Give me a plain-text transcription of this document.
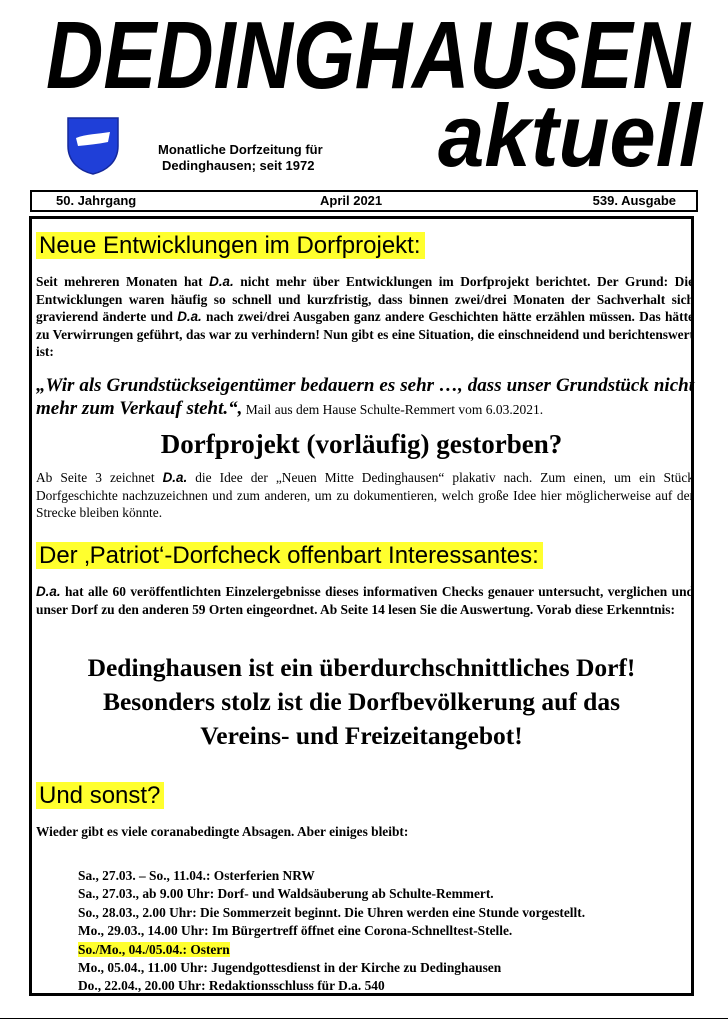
DEDINGHAUSEN
aktuell
Monatliche Dorfzeitung für
Dedinghausen; seit 1972
50. Jahrgang	April 2021	539. Ausgabe
Neue Entwicklungen im Dorfprojekt:

Seit mehreren Monaten hat D.a. nicht mehr über Entwicklungen im Dorfprojekt berichtet. Der Grund: Die Entwicklungen waren häufig so schnell und kurzfristig, dass binnen zwei/drei Monaten der Sachverhalt sich gravierend änderte und D.a. nach zwei/drei Ausgaben ganz andere Geschichten hätte erzählen müssen. Das hätte zu Verwirrungen geführt, das war zu verhindern! Nun gibt es eine Situation, die einschneidend und berichtenswert ist:

„Wir als Grundstückseigentümer bedauern es sehr …, dass unser Grundstück nicht mehr zum Verkauf steht.“, Mail aus dem Hause Schulte-Remmert vom 6.03.2021.

Dorfprojekt (vorläufig) gestorben?

Ab Seite 3 zeichnet D.a. die Idee der „Neuen Mitte Dedinghausen“ plakativ nach. Zum einen, um ein Stück Dorfgeschichte nachzuzeichnen und zum anderen, um zu dokumentieren, welch große Idee hier möglicherweise auf der Strecke bleiben könnte.

Der ‚Patriot‘-Dorfcheck offenbart Interessantes:

D.a. hat alle 60 veröffentlichten Einzelergebnisse dieses informativen Checks genauer untersucht, verglichen und unser Dorf zu den anderen 59 Orten eingeordnet. Ab Seite 14 lesen Sie die Auswertung. Vorab diese Erkenntnis:

Dedinghausen ist ein überdurchschnittliches Dorf!
Besonders stolz ist die Dorfbevölkerung auf das
Vereins- und Freizeitangebot!
Und sonst?

Wieder gibt es viele coranabedingte Absagen. Aber einiges bleibt:

Sa., 27.03. – So., 11.04.: Osterferien NRW
Sa., 27.03., ab 9.00 Uhr: Dorf- und Waldsäuberung ab Schulte-Remmert.
So., 28.03., 2.00 Uhr: Die Sommerzeit beginnt. Die Uhren werden eine Stunde vorgestellt.
Mo., 29.03., 14.00 Uhr: Im Bürgertreff öffnet eine Corona-Schnelltest-Stelle.
So./Mo., 04./05.04.: Ostern
Mo., 05.04., 11.00 Uhr: Jugendgottesdienst in der Kirche zu Dedinghausen
Do., 22.04., 20.00 Uhr: Redaktionsschluss für D.a. 540
